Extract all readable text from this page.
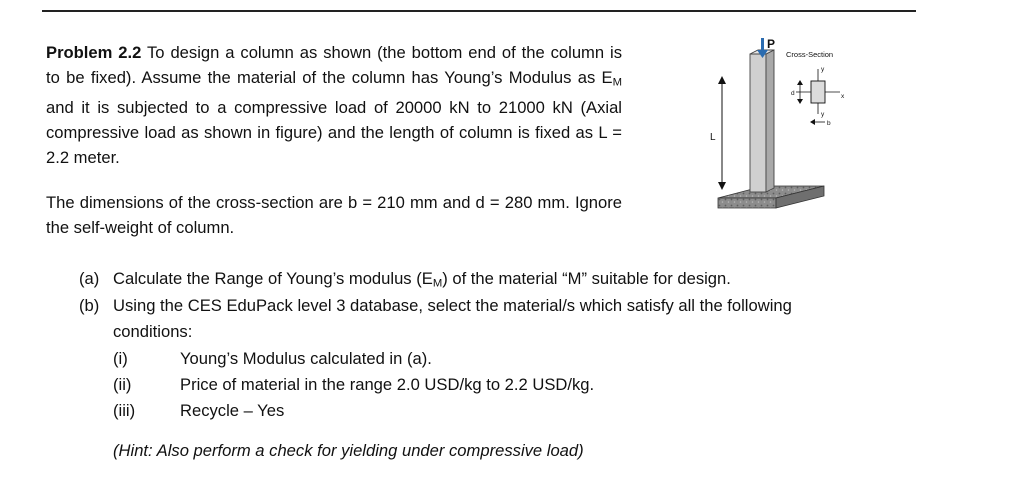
Problem 2.2 To design a column as shown (the bottom end of the column is to be fixed). Assume the material of the column has Young’s Modulus as $E_M$ and it is subjected to a compressive load of 20000 kN to 21000 kN (Axial compressive load as shown in figure) and the length of column is fixed as L = 2.2 meter.

The dimensions of the cross-section are b = 210 mm and d = 280 mm. Ignore the self-weight of column.

P
L
Cross-Section
y
x
y
d
b
(a) Calculate the Range of Young’s modulus $(E_M)$ of the material “M” suitable for design.

(b) Using the CES EduPack level 3 database, select the material/s which satisfy all the following
conditions:
(i)	Young’s Modulus calculated in (a).
(ii)	Price of material in the range 2.0 USD/kg to 2.2 USD/kg.
(iii)	Recycle – Yes
(Hint: Also perform a check for yielding under compressive load)
